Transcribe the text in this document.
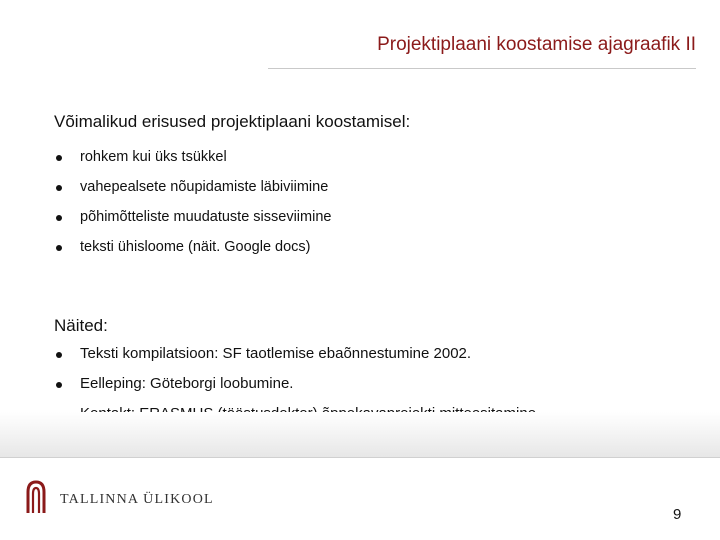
Projektiplaani koostamise ajagraafik II
Võimalikud erisused projektiplaani koostamisel:
rohkem kui üks tsükkel
vahepealsete nõupidamiste läbiviimine
põhimõtteliste muudatuste sisseviimine
teksti ühisloome (näit. Google docs)
Näited:
Teksti kompilatsioon: SF taotlemise ebaõnnestumine 2002.
Eelleping: Göteborgi loobumine.
TALLINNA ÜLIKOOL
9
